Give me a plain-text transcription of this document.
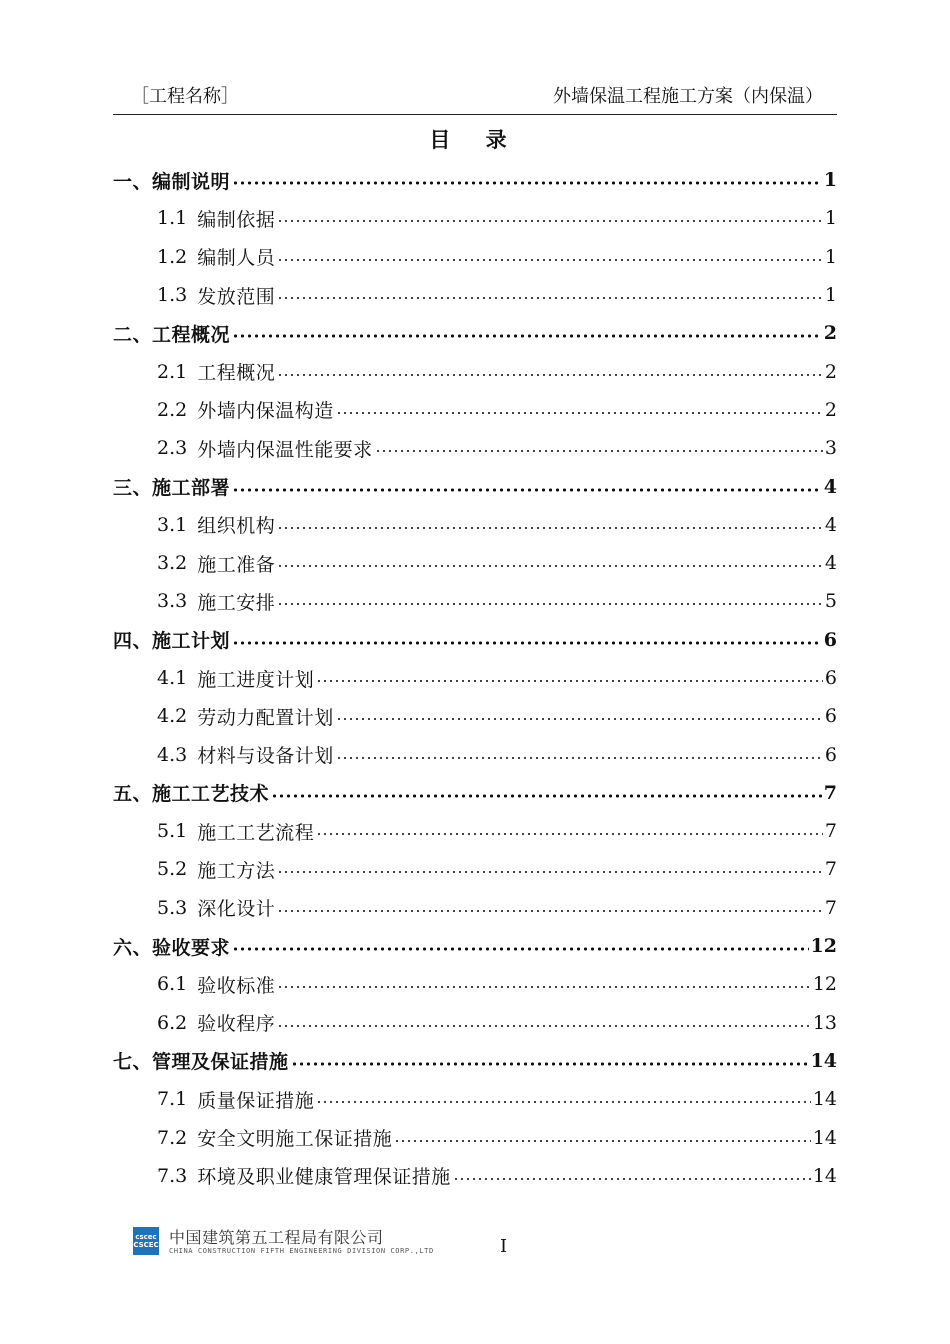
［工程名称］	外墙保温工程施工方案（内保温）
目 录
一、编制说明	1
1.1 编制依据	1
1.2 编制人员	1
1.3 发放范围	1
二、工程概况	2
2.1 工程概况	2
2.2 外墙内保温构造	2
2.3 外墙内保温性能要求	3
三、施工部署	4
3.1 组织机构	4
3.2 施工准备	4
3.3 施工安排	5
四、施工计划	6
4.1 施工进度计划	6
4.2 劳动力配置计划	6
4.3 材料与设备计划	6
五、施工工艺技术	7
5.1 施工工艺流程	7
5.2 施工方法	7
5.3 深化设计	7
六、验收要求	12
6.1 验收标准	12
6.2 验收程序	13
七、管理及保证措施	14
7.1 质量保证措施	14
7.2 安全文明施工保证措施	14
7.3 环境及职业健康管理保证措施	14
cscec
CSCEC 中国建筑第五工程局有限公司
CHINA CONSTRUCTION FIFTH ENGINEERING DIVISION CORP.,LTD	I
